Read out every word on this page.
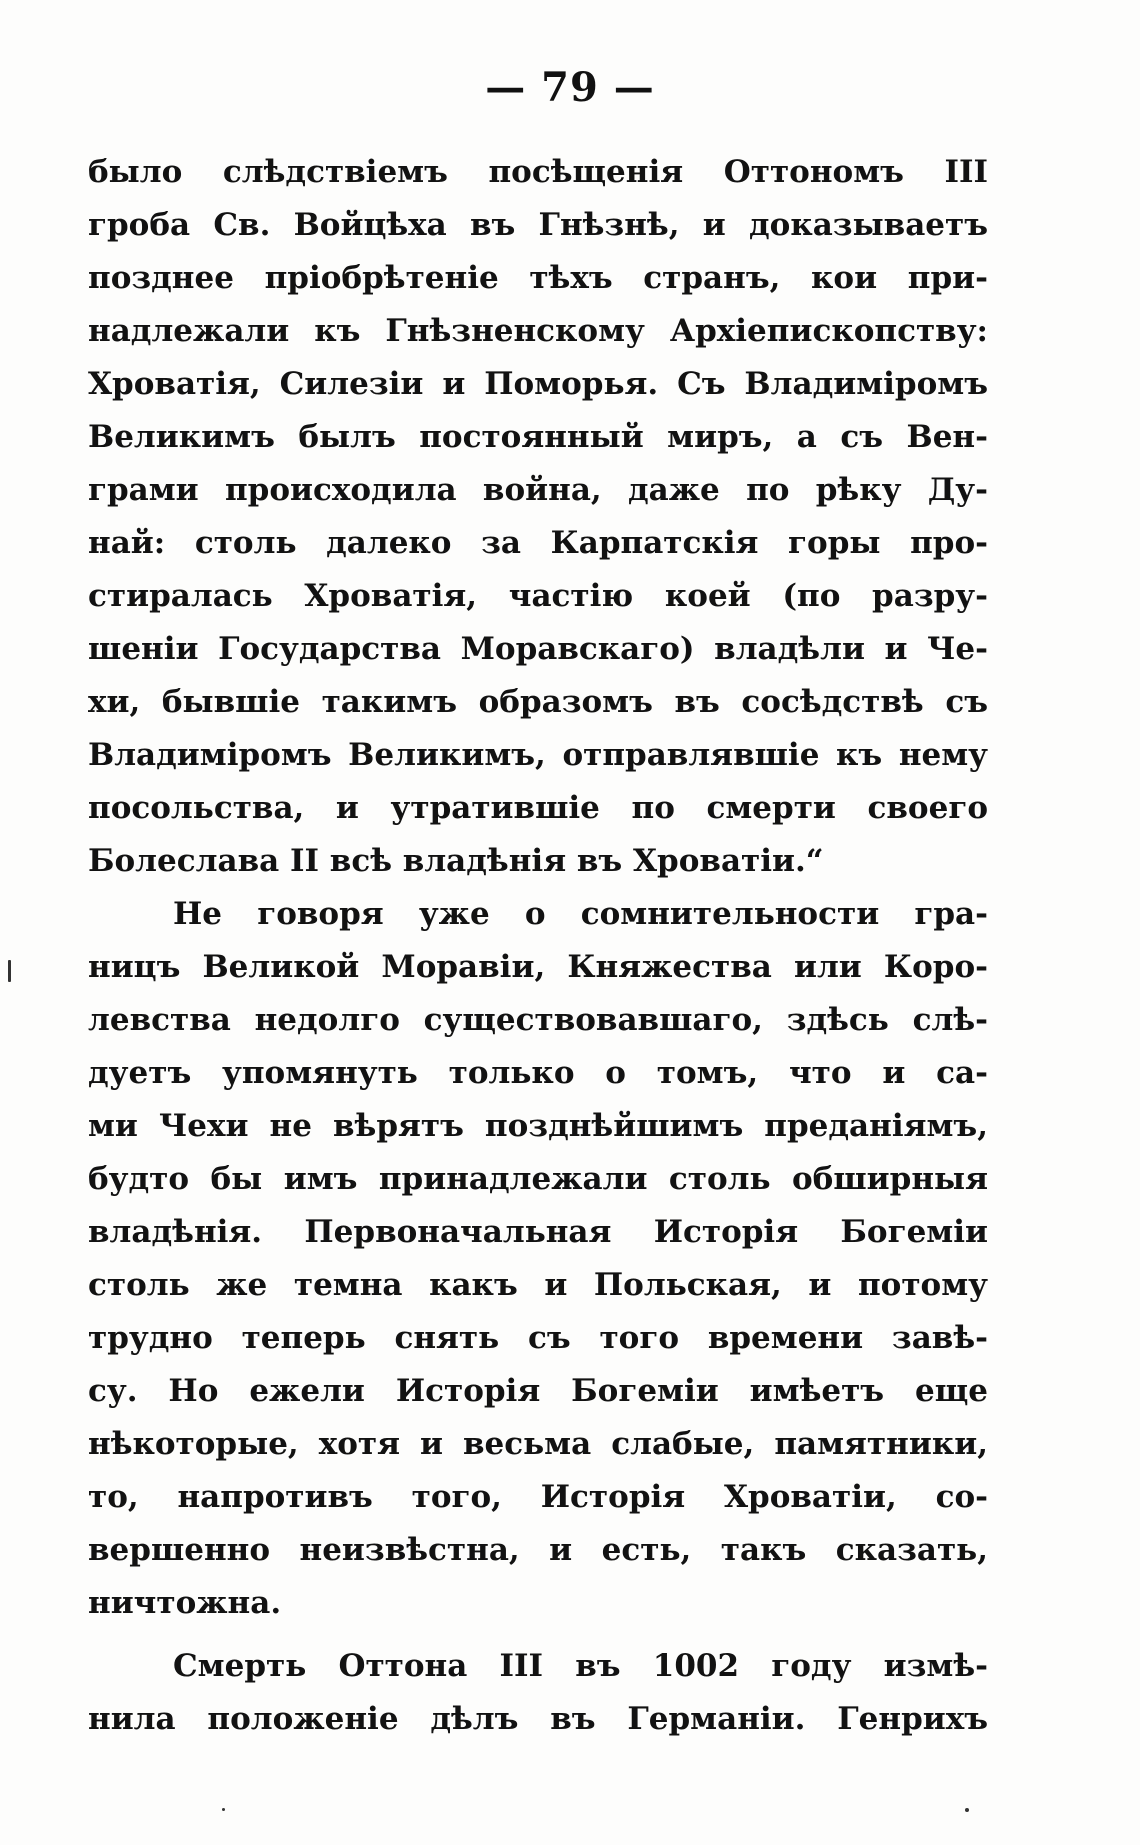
— 79 —
было слѣдствіемъ посѣщенія Оттономъ III
гроба Св. Войцѣха въ Гнѣзнѣ, и доказываетъ
позднее пріобрѣтеніе тѣхъ странъ, кои при-
надлежали къ Гнѣзненскому Архіепископству:
Хроватія, Силезіи и Поморья. Съ Владиміромъ
Великимъ былъ постоянный миръ, а съ Вен-
грами происходила война, даже по рѣку Ду-
най: столь далеко за Карпатскія горы про-
стиралась Хроватія, частію коей (по разру-
шеніи Государства Моравскаго) владѣли и Че-
хи, бывшіе такимъ образомъ въ сосѣдствѣ съ
Владиміромъ Великимъ, отправлявшіе къ нему
посольства, и утратившіе по смерти своего
Болеслава II всѣ владѣнія въ Хроватіи.“
Не говоря уже о сомнительности гра-
ницъ Великой Моравіи, Княжества или Коро-
левства недолго существовавшаго, здѣсь слѣ-
дуетъ упомянуть только о томъ, что и са-
ми Чехи не вѣрятъ позднѣйшимъ преданіямъ,
будто бы имъ принадлежали столь обширныя
владѣнія. Первоначальная Исторія Богеміи
столь же темна какъ и Польская, и потому
трудно теперь снять съ того времени завѣ-
су. Но ежели Исторія Богеміи имѣетъ еще
нѣкоторые, хотя и весьма слабые, памятники,
то, напротивъ того, Исторія Хроватіи, со-
вершенно неизвѣстна, и есть, такъ сказать,
ничтожна.
Смерть Оттона III въ 1002 году измѣ-
нила положеніе дѣлъ въ Германіи. Генрихъ
